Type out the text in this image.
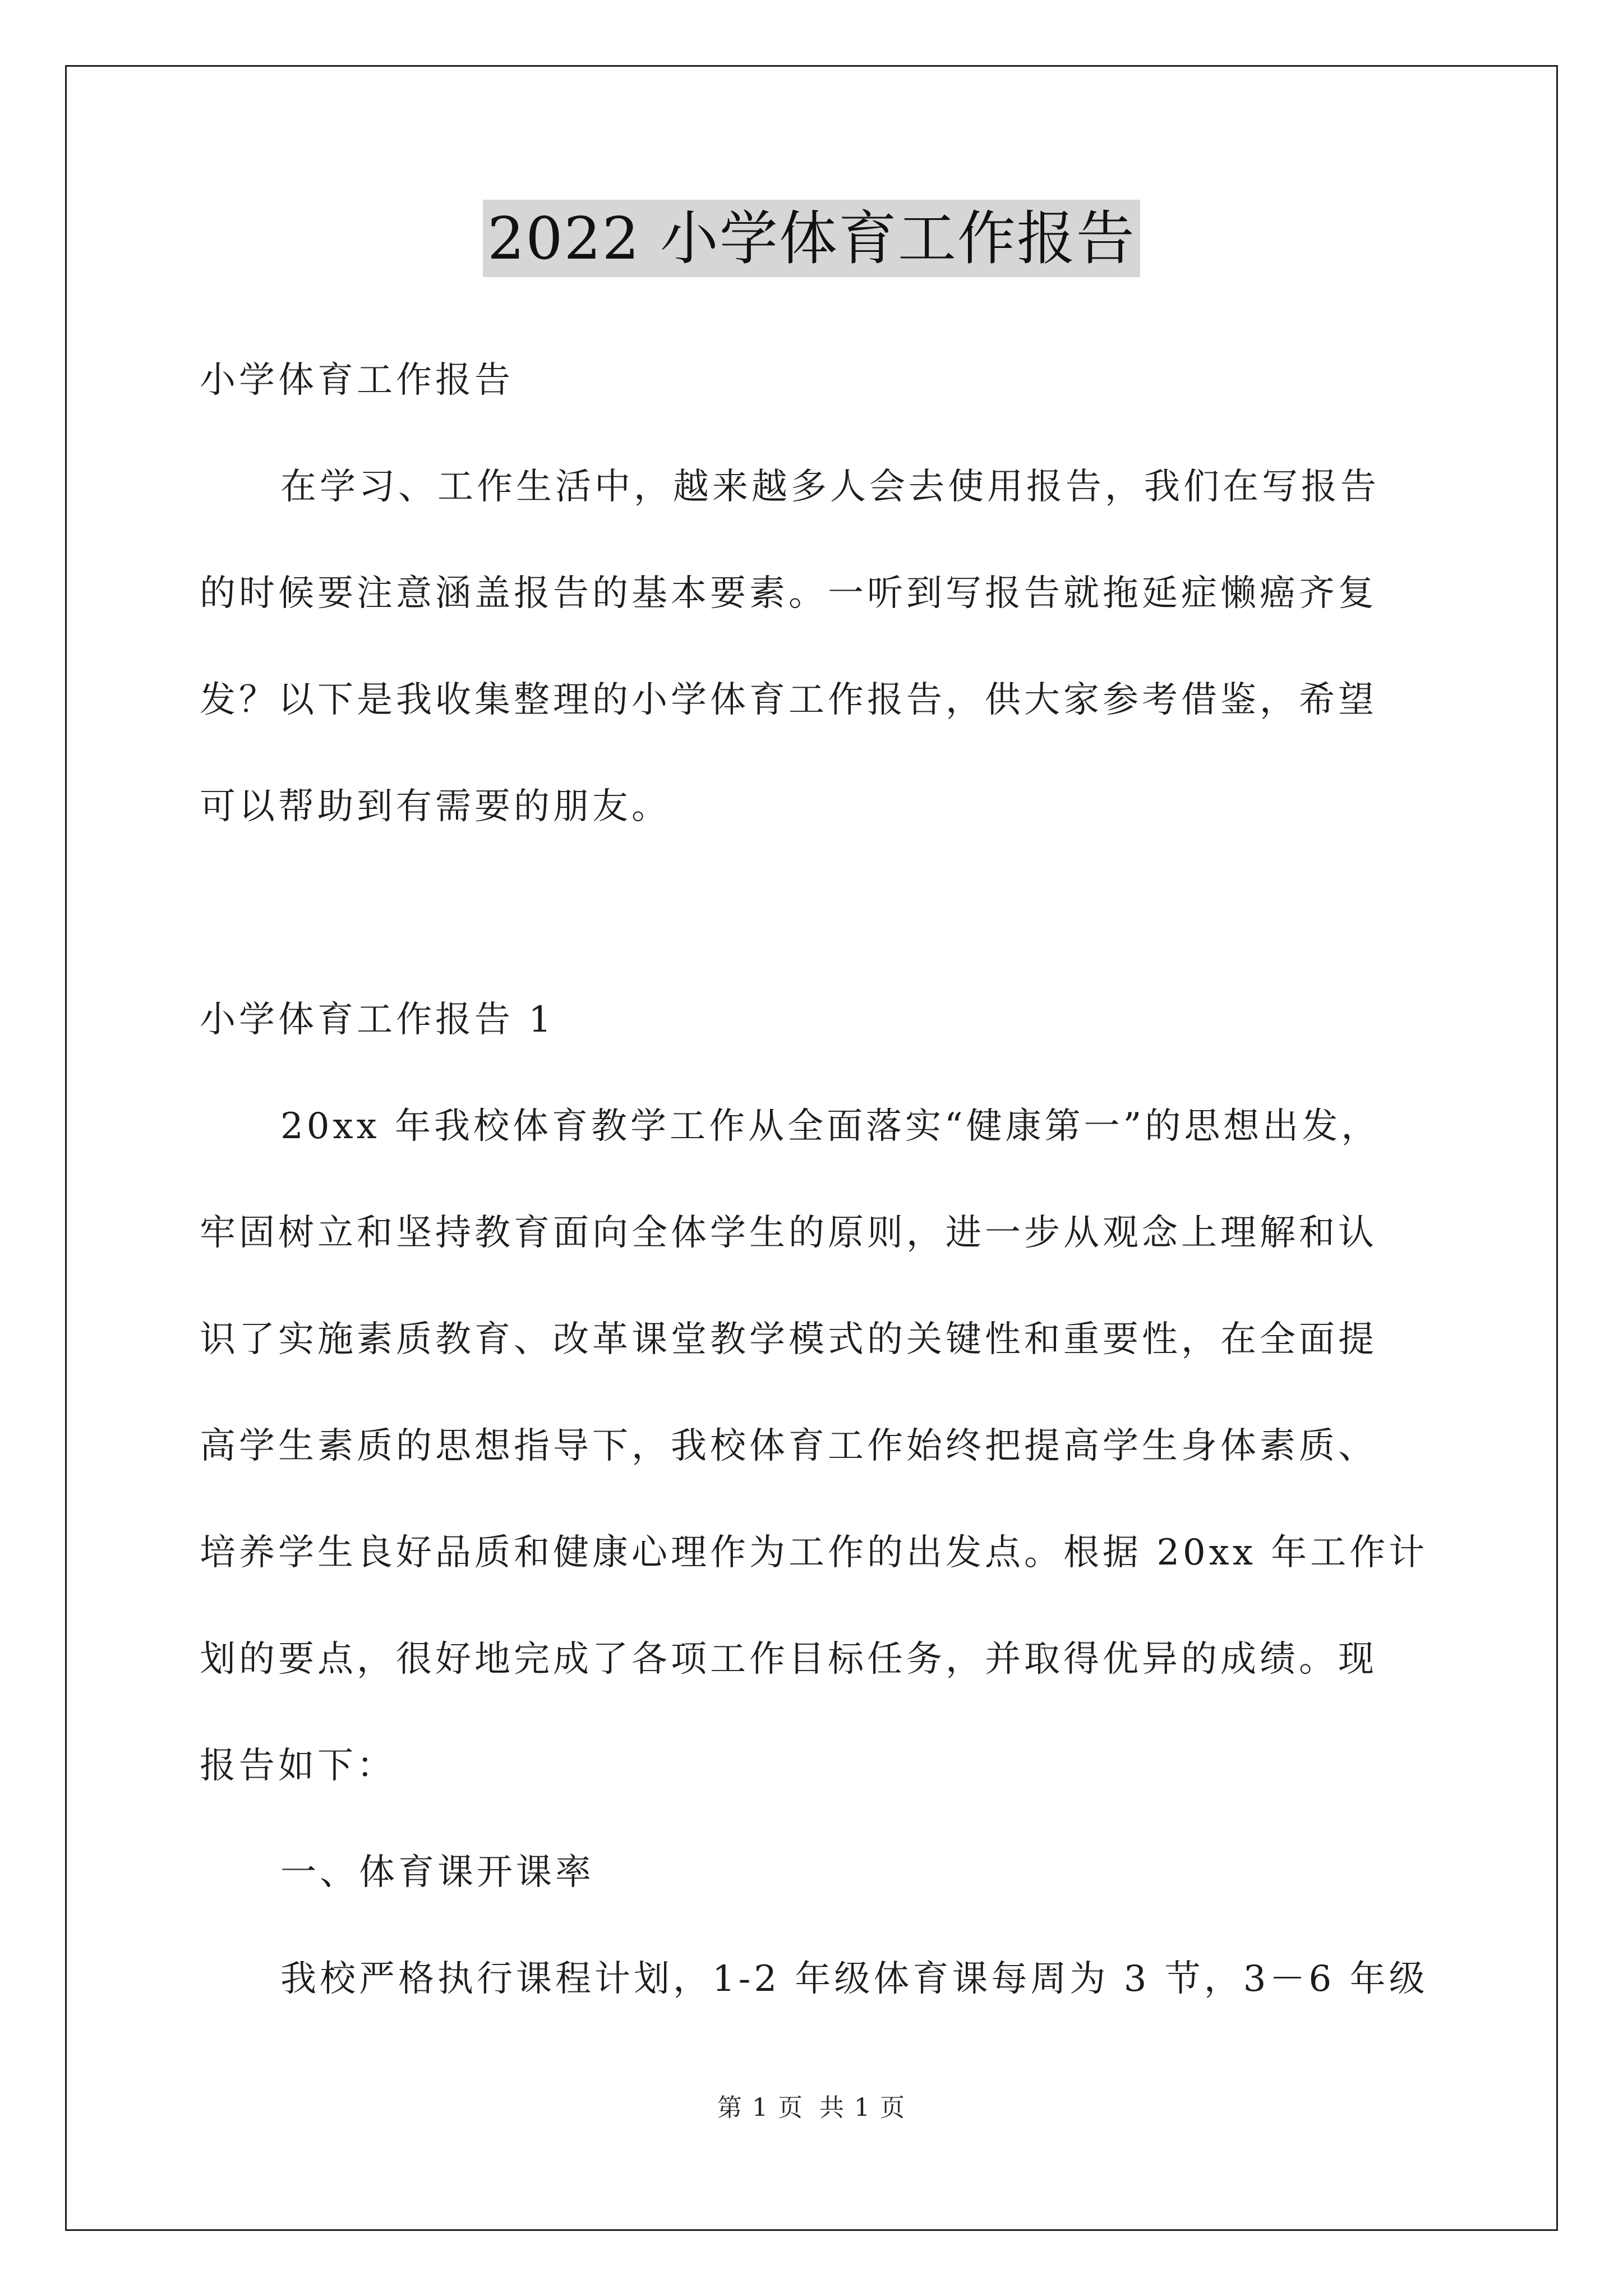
2022 小学体育工作报告
小学体育工作报告
在学习、工作生活中，越来越多人会去使用报告，我们在写报告
的时候要注意涵盖报告的基本要素。一听到写报告就拖延症懒癌齐复
发？以下是我收集整理的小学体育工作报告，供大家参考借鉴，希望
可以帮助到有需要的朋友。
小学体育工作报告 1
20xx 年我校体育教学工作从全面落实“健康第一”的思想出发，
牢固树立和坚持教育面向全体学生的原则，进一步从观念上理解和认
识了实施素质教育、改革课堂教学模式的关键性和重要性，在全面提
高学生素质的思想指导下，我校体育工作始终把提高学生身体素质、
培养学生良好品质和健康心理作为工作的出发点。根据 20xx 年工作计
划的要点，很好地完成了各项工作目标任务，并取得优异的成绩。现
报告如下：
一、体育课开课率
我校严格执行课程计划，1-2 年级体育课每周为 3 节，3－6 年级
第 1 页 共 1 页
